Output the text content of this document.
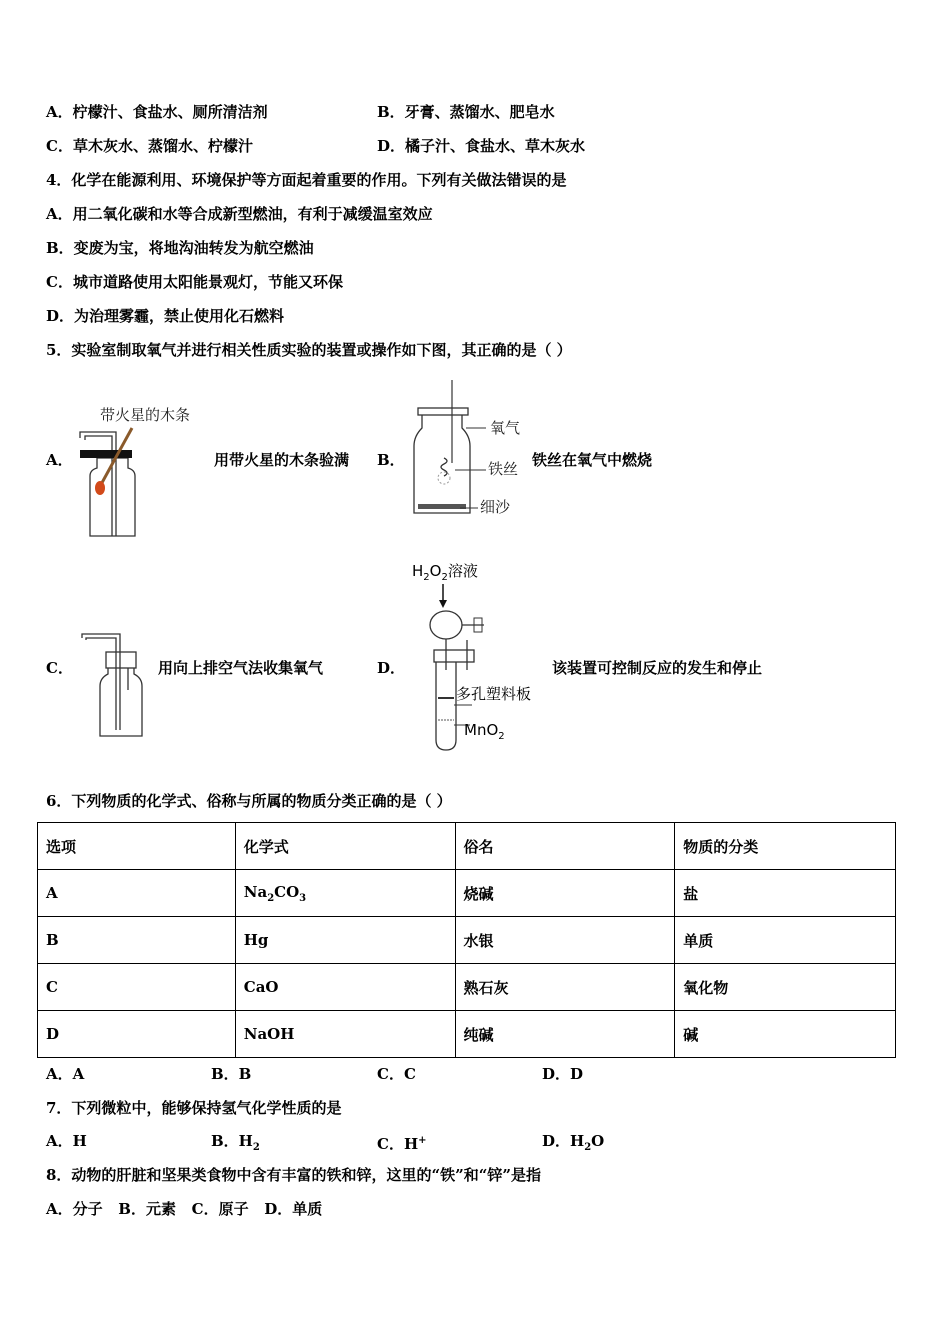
A．柠檬汁、食盐水、厕所清洁剂	B．牙膏、蒸馏水、肥皂水
C．草木灰水、蒸馏水、柠檬汁	D．橘子汁、食盐水、草木灰水
4．化学在能源利用、环境保护等方面起着重要的作用。下列有关做法错误的是
A．用二氧化碳和水等合成新型燃油，有利于减缓温室效应
B．变废为宝，将地沟油转发为航空燃油
C．城市道路使用太阳能景观灯，节能又环保
D．为治理雾霾，禁止使用化石燃料
5．实验室制取氧气并进行相关性质实验的装置或操作如下图，其正确的是（ ）
A．
带火星的木条
用带火星的木条验满 B．
氧气
铁丝
细沙
铁丝在氧气中燃烧
C．	用向上排空气法收集氧气	D．
$H_2O_2$溶液
多孔塑料板
MnO$_2$
该装置可控制反应的发生和停止
6．下列物质的化学式、俗称与所属的物质分类正确的是（ ）
选项	化学式	俗名	物质的分类
A	$Na_2CO_3$	烧碱	盐
B	Hg	水银	单质
C	CaO	熟石灰	氧化物
D	NaOH	纯碱	碱
A．A	B．B	C．C	D．D
7．下列微粒中，能够保持氢气化学性质的是
A．H	B．$H_2$	C．H+	D．$H_2O$
8．动物的肝脏和坚果类食物中含有丰富的铁和锌，这里的“铁”和“锌”是指
A．分子   B．元素   C．原子   D．单质
